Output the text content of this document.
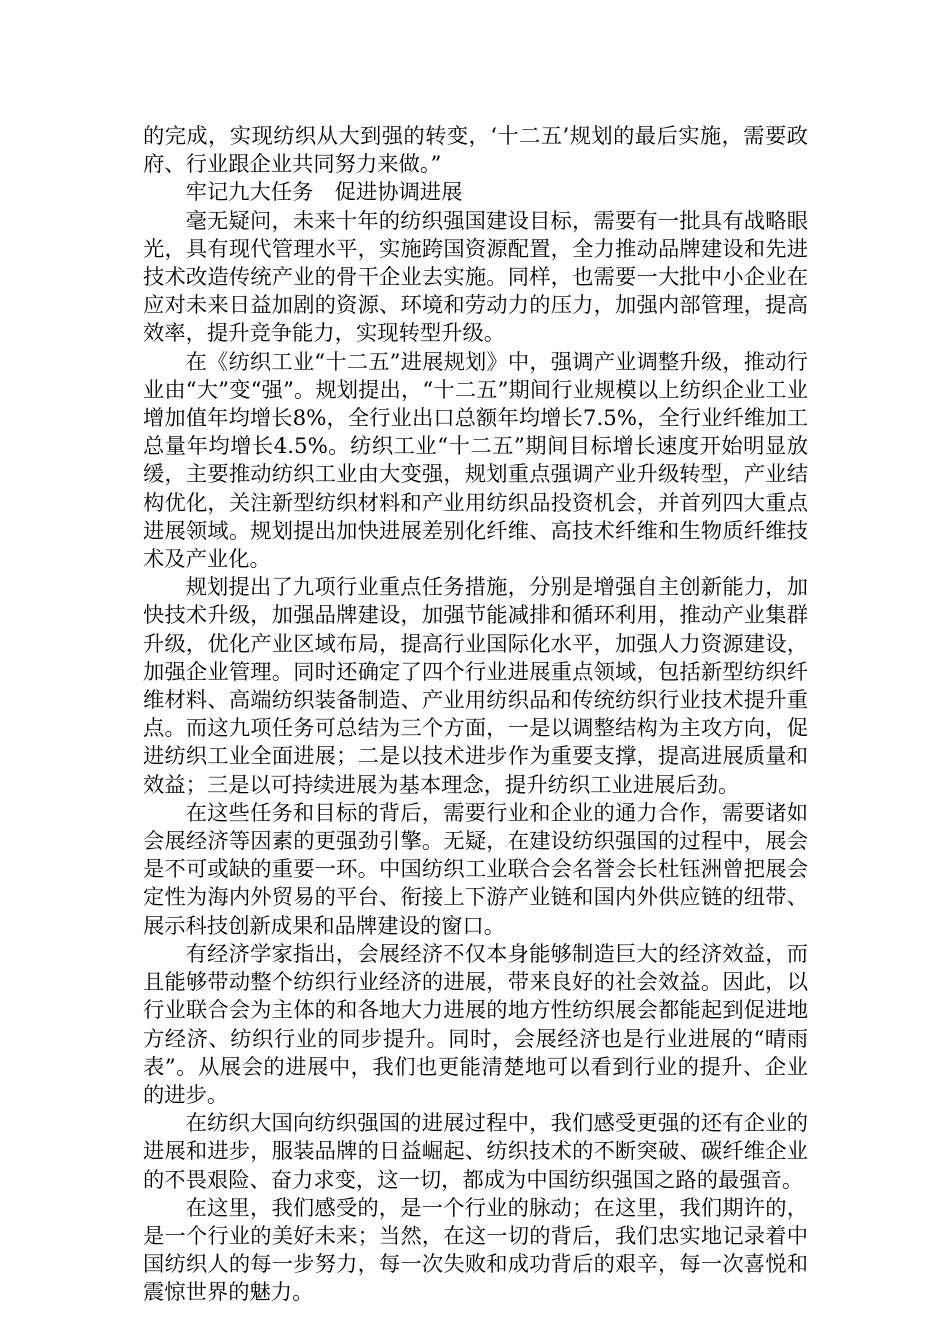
的完成，实现纺织从大到强的转变，‘十二五’规划的最后实施，需要政府、行业跟企业共同努力来做。”

牢记九大任务　促进协调进展

毫无疑问，未来十年的纺织强国建设目标，需要有一批具有战略眼光，具有现代管理水平，实施跨国资源配置，全力推动品牌建设和先进技术改造传统产业的骨干企业去实施。同样，也需要一大批中小企业在应对未来日益加剧的资源、环境和劳动力的压力，加强内部管理，提高效率，提升竞争能力，实现转型升级。

在《纺织工业“十二五”进展规划》中，强调产业调整升级，推动行业由“大”变“强”。规划提出，“十二五”期间行业规模以上纺织企业工业增加值年均增长8%，全行业出口总额年均增长7.5%，全行业纤维加工总量年均增长4.5%。纺织工业“十二五”期间目标增长速度开始明显放缓，主要推动纺织工业由大变强，规划重点强调产业升级转型，产业结构优化，关注新型纺织材料和产业用纺织品投资机会，并首列四大重点进展领域。规划提出加快进展差别化纤维、高技术纤维和生物质纤维技术及产业化。

规划提出了九项行业重点任务措施，分别是增强自主创新能力，加快技术升级，加强品牌建设，加强节能减排和循环利用，推动产业集群升级，优化产业区域布局，提高行业国际化水平，加强人力资源建设，加强企业管理。同时还确定了四个行业进展重点领域，包括新型纺织纤维材料、高端纺织装备制造、产业用纺织品和传统纺织行业技术提升重点。而这九项任务可总结为三个方面，一是以调整结构为主攻方向，促进纺织工业全面进展；二是以技术进步作为重要支撑，提高进展质量和效益；三是以可持续进展为基本理念，提升纺织工业进展后劲。

在这些任务和目标的背后，需要行业和企业的通力合作，需要诸如会展经济等因素的更强劲引擎。无疑，在建设纺织强国的过程中，展会是不可或缺的重要一环。中国纺织工业联合会名誉会长杜钰洲曾把展会定性为海内外贸易的平台、衔接上下游产业链和国内外供应链的纽带、展示科技创新成果和品牌建设的窗口。

有经济学家指出，会展经济不仅本身能够制造巨大的经济效益，而且能够带动整个纺织行业经济的进展，带来良好的社会效益。因此，以行业联合会为主体的和各地大力进展的地方性纺织展会都能起到促进地方经济、纺织行业的同步提升。同时，会展经济也是行业进展的“晴雨表”。从展会的进展中，我们也更能清楚地可以看到行业的提升、企业的进步。

在纺织大国向纺织强国的进展过程中，我们感受更强的还有企业的进展和进步，服装品牌的日益崛起、纺织技术的不断突破、碳纤维企业的不畏艰险、奋力求变，这一切，都成为中国纺织强国之路的最强音。

在这里，我们感受的，是一个行业的脉动；在这里，我们期许的，是一个行业的美好未来；当然，在这一切的背后，我们忠实地记录着中国纺织人的每一步努力，每一次失败和成功背后的艰辛，每一次喜悦和震惊世界的魅力。
